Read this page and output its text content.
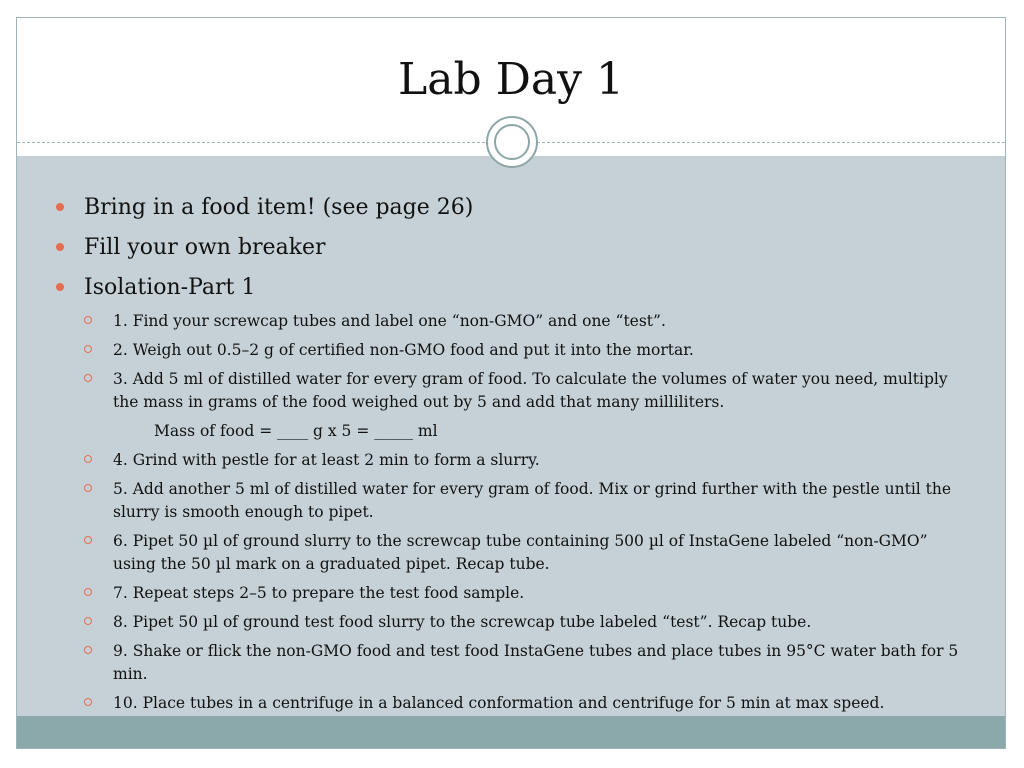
Lab Day 1
Bring in a food item! (see page 26)
Fill your own breaker
Isolation-Part 1
1. Find your screwcap tubes and label one “non-GMO” and one “test”.
2. Weigh out 0.5–2 g of certified non-GMO food and put it into the mortar.
3. Add 5 ml of distilled water for every gram of food. To calculate the volumes of water you need, multiply the mass in grams of the food weighed out by 5 and add that many milliliters.
Mass of food = ____ g x 5 = _____ ml
4. Grind with pestle for at least 2 min to form a slurry.
5. Add another 5 ml of distilled water for every gram of food. Mix or grind further with the pestle until the slurry is smooth enough to pipet.
6. Pipet 50 µl of ground slurry to the screwcap tube containing 500 µl of InstaGene labeled “non-GMO” using the 50 µl mark on a graduated pipet. Recap tube.
7. Repeat steps 2–5 to prepare the test food sample.
8. Pipet 50 µl of ground test food slurry to the screwcap tube labeled “test”. Recap tube.
9. Shake or flick the non-GMO food and test food InstaGene tubes and place tubes in 95°C water bath for 5 min.
10. Place tubes in a centrifuge in a balanced conformation and centrifuge for 5 min at max speed.
